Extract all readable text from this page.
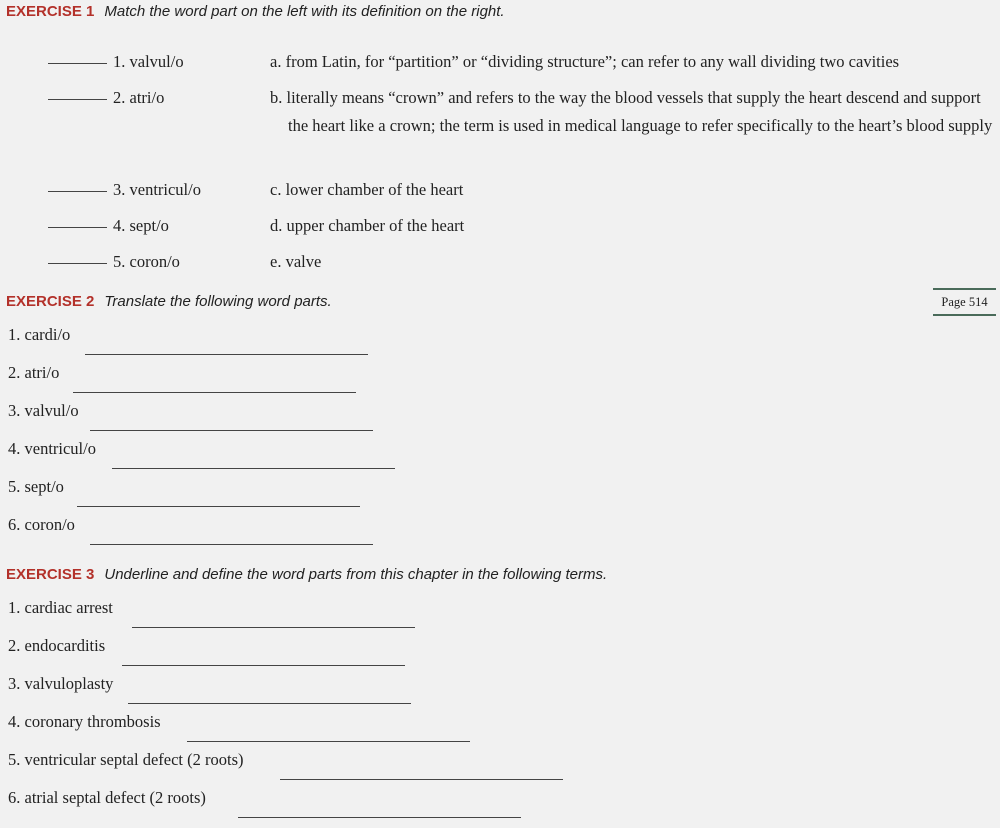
EXERCISE 1 Match the word part on the left with its definition on the right.
1. valvul/o	a. from Latin, for “partition” or “dividing structure”; can refer to any wall dividing two cavities
2. atri/o	b. literally means “crown” and refers to the way the blood vessels that supply the heart descend and support the heart like a crown; the term is used in medical language to refer specifically to the heart’s blood supply
3. ventricul/o	c. lower chamber of the heart
4. sept/o	d. upper chamber of the heart
5. coron/o	e. valve
EXERCISE 2 Translate the following word parts.	Page 514
1. cardi/o
2. atri/o
3. valvul/o
4. ventricul/o
5. sept/o
6. coron/o
EXERCISE 3 Underline and define the word parts from this chapter in the following terms.
1. cardiac arrest
2. endocarditis
3. valvuloplasty
4. coronary thrombosis
5. ventricular septal defect (2 roots)
6. atrial septal defect (2 roots)
